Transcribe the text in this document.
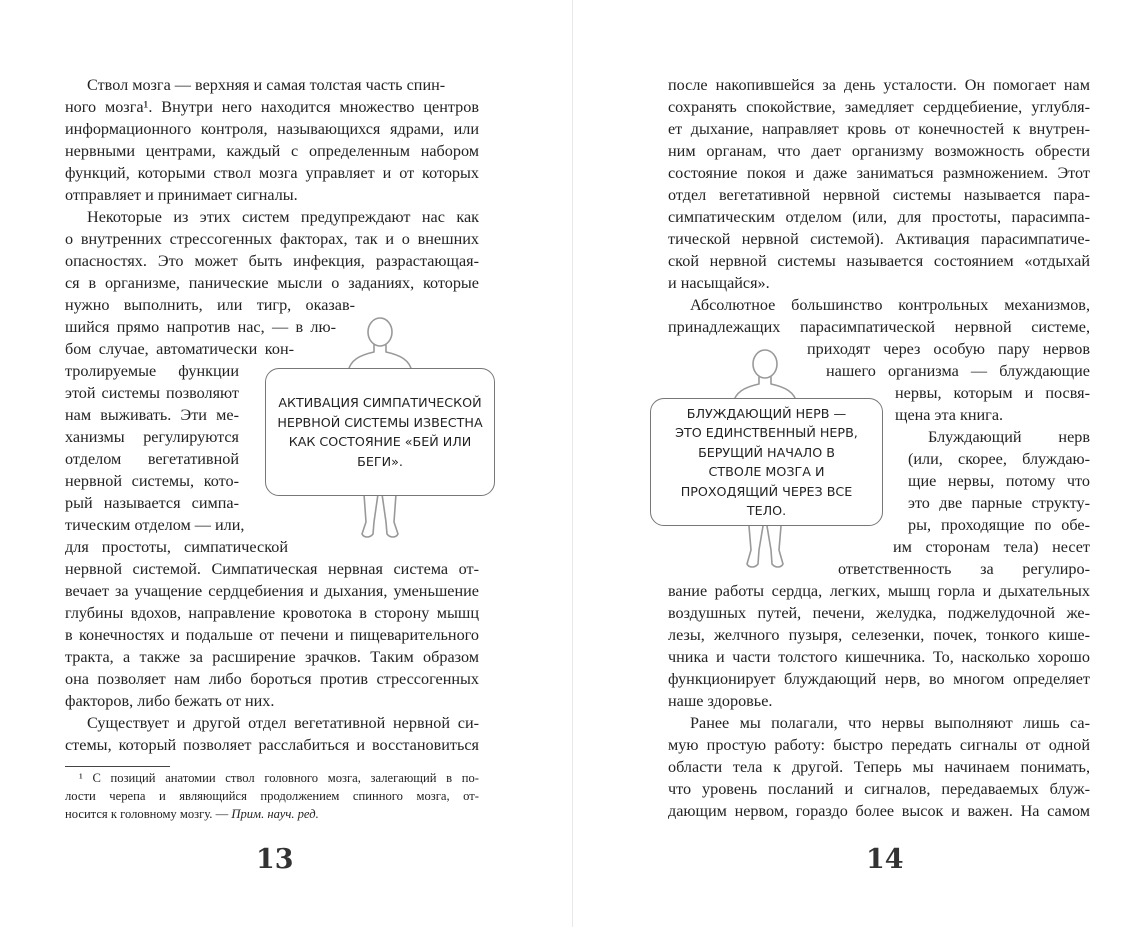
Ствол мозга — верхняя и самая толстая часть спин-
ного мозга¹. Внутри него находится множество центров
информационного контроля, называющихся ядрами, или
нервными центрами, каждый с определенным набором
функций, которыми ствол мозга управляет и от которых
отправляет и принимает сигналы.
Некоторые из этих систем предупреждают нас как
о внутренних стрессогенных факторах, так и о внешних
опасностях. Это может быть инфекция, разрастающая-
ся в организме, панические мысли о заданиях, которые
нужно выполнить, или тигр, оказав-
шийся прямо напротив нас, — в лю-
бом случае, автоматически кон-
тролируемые функции
этой системы позволяют
нам выживать. Эти ме-
ханизмы регулируются
отделом вегетативной
нервной системы, кото-
рый называется симпа-
тическим отделом — или,
для простоты, симпатической
нервной системой. Симпатическая нервная система от-
вечает за учащение сердцебиения и дыхания, уменьшение
глубины вдохов, направление кровотока в сторону мышц
в конечностях и подальше от печени и пищеварительного
тракта, а также за расширение зрачков. Таким образом
она позволяет нам либо бороться против стрессогенных
факторов, либо бежать от них.
Существует и другой отдел вегетативной нервной си-
стемы, который позволяет расслабиться и восстановиться
¹ С позиций анатомии ствол головного мозга, залегающий в по-
лости черепа и являющийся продолжением спинного мозга, от-
носится к головному мозгу. — Прим. науч. ред.
АКТИВАЦИЯ СИМПАТИЧЕСКОЙ НЕРВНОЙ СИСТЕМЫ ИЗВЕСТНА КАК СОСТОЯНИЕ «БЕЙ ИЛИ БЕГИ».
13
после накопившейся за день усталости. Он помогает нам
сохранять спокойствие, замедляет сердцебиение, углубля-
ет дыхание, направляет кровь от конечностей к внутрен-
ним органам, что дает организму возможность обрести
состояние покоя и даже заниматься размножением. Этот
отдел вегетативной нервной системы называется пара-
симпатическим отделом (или, для простоты, парасимпа-
тической нервной системой). Активация парасимпатиче-
ской нервной системы называется состоянием «отдыхай
и насыщайся».
Абсолютное большинство контрольных механизмов,
принадлежащих парасимпатической нервной системе,
приходят через особую пару нервов
нашего организма — блуждающие
нервы, которым и посвя-
щена эта книга.
Блуждающий нерв
(или, скорее, блуждаю-
щие нервы, потому что
это две парные структу-
ры, проходящие по обе-
им сторонам тела) несет
ответственность за регулиро-
вание работы сердца, легких, мышц горла и дыхательных
воздушных путей, печени, желудка, поджелудочной же-
лезы, желчного пузыря, селезенки, почек, тонкого кише-
чника и части толстого кишечника. То, насколько хорошо
функционирует блуждающий нерв, во многом определяет
наше здоровье.
Ранее мы полагали, что нервы выполняют лишь са-
мую простую работу: быстро передать сигналы от одной
области тела к другой. Теперь мы начинаем понимать,
что уровень посланий и сигналов, передаваемых блуж-
дающим нервом, гораздо более высок и важен. На самом
БЛУЖДАЮЩИЙ НЕРВ — ЭТО ЕДИНСТВЕННЫЙ НЕРВ, БЕРУЩИЙ НАЧАЛО В СТВОЛЕ МОЗГА И ПРОХОДЯЩИЙ ЧЕРЕЗ ВСЕ ТЕЛО.
14
